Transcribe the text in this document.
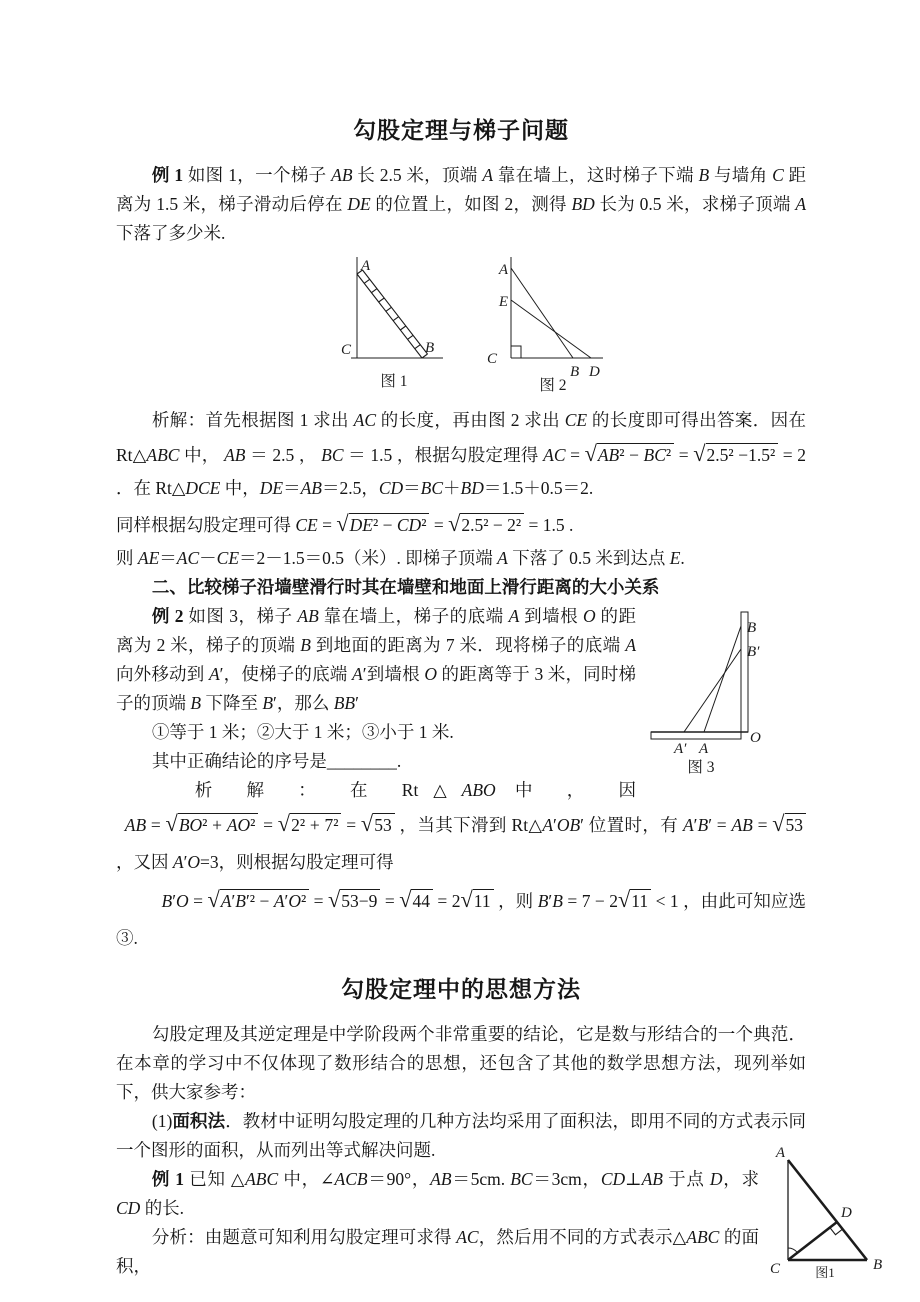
勾股定理与梯子问题

例 1 如图 1，一个梯子 AB 长 2.5 米，顶端 A 靠在墙上，这时梯子下端 B 与墙角 C 距离为 1.5 米，梯子滑动后停在 DE 的位置上，如图 2，测得 BD 长为 0.5 米，求梯子顶端 A 下落了多少米.

A
C	B
图 1
A
E
C
B D
图 2

析解：首先根据图 1 求出 AC 的长度，再由图 2 求出 CE 的长度即可得出答案．因在 Rt△ABC 中， AB ＝ 2.5 ， BC ＝ 1.5 ，根据勾股定理得 AC = √AB² − BC² = √2.5² −1.5² = 2 ．在 Rt△DCE 中，DE＝AB＝2.5，CD＝BC＋BD＝1.5＋0.5＝2.

同样根据勾股定理可得 CE = √DE² − CD² = √2.5² − 2² = 1.5 .

则 AE＝AC－CE＝2－1.5＝0.5（米）. 即梯子顶端 A 下落了 0.5 米到达点 E.

二、比较梯子沿墙壁滑行时其在墙壁和地面上滑行距离的大小关系

B
B′
O
A′ A
图 3

例 2 如图 3，梯子 AB 靠在墙上，梯子的底端 A 到墙根 O 的距离为 2 米，梯子的顶端 B 到地面的距离为 7 米．现将梯子的底端 A 向外移动到 A′，使梯子的底端 A′到墙根 O 的距离等于 3 米，同时梯子的顶端 B 下降至 B′，那么 BB′

①等于 1 米；②大于 1 米；③小于 1 米.

其中正确结论的序号是________.

析 解 ： 在 Rt△ABO 中 ， 因

AB = √BO² + AO² = √2² + 7² = √53 ，当其下滑到 Rt△A′OB′ 位置时，有 A′B′ = AB = √53 ，又因 A′O=3，则根据勾股定理可得

B′O = √A′B′² − A′O² = √53−9 = √44 = 2√11 ，则 B′B = 7 − 2√11 < 1 ，由此可知应选③.

勾股定理中的思想方法

勾股定理及其逆定理是中学阶段两个非常重要的结论，它是数与形结合的一个典范．在本章的学习中不仅体现了数形结合的思想，还包含了其他的数学思想方法，现列举如下，供大家参考：

(1)面积法．教材中证明勾股定理的几种方法均采用了面积法，即用不同的方式表示同一个图形的面积，从而列出等式解决问题.	A
C	B
D
图1

例 1 已知 △ABC 中，∠ACB＝90°，AB＝5cm. BC＝3cm，CD⊥AB 于点 D，求 CD 的长.

分析：由题意可知利用勾股定理可求得 AC，然后用不同的方式表示△ABC 的面积，
